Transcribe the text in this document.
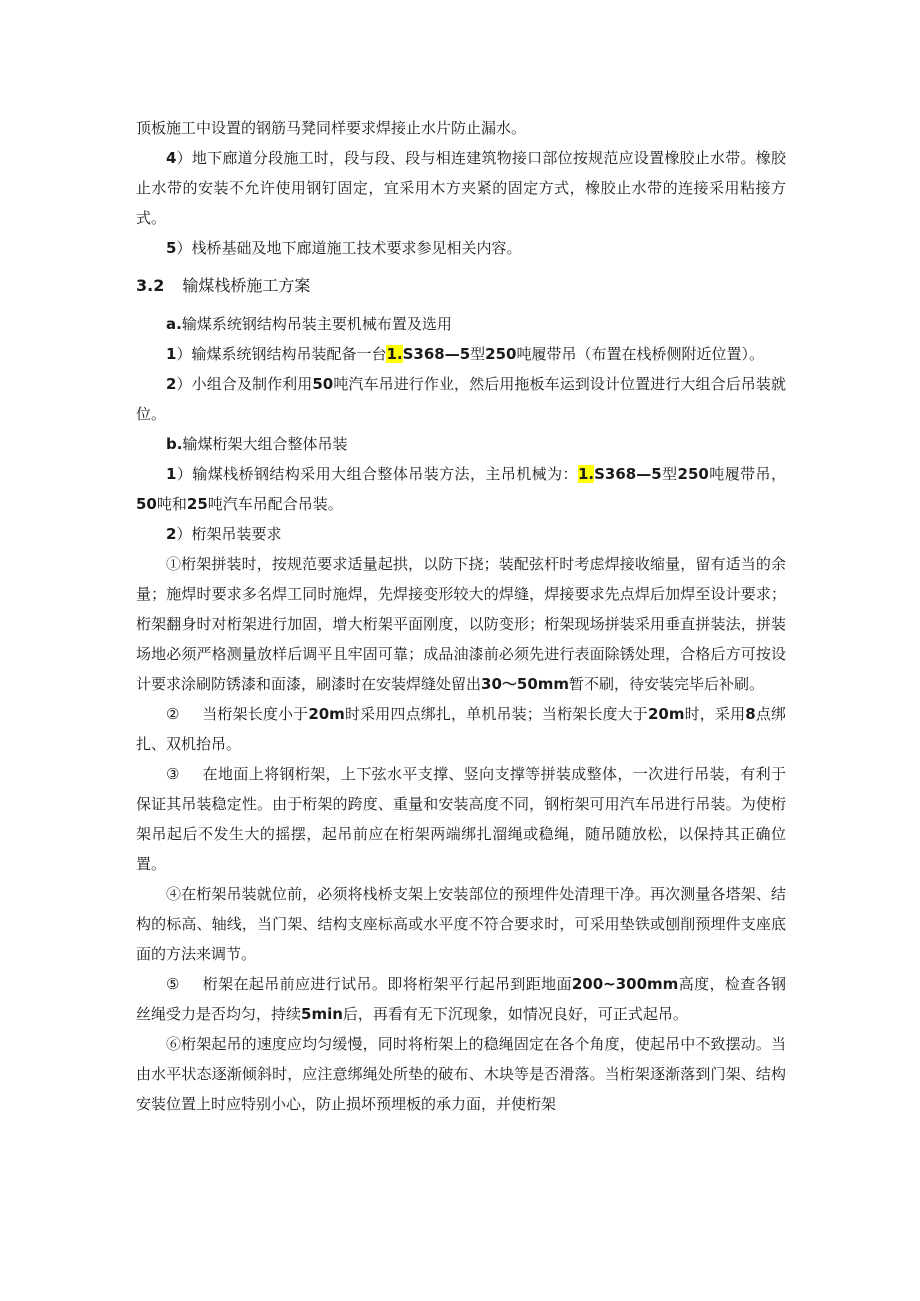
顶板施工中设置的钢筋马凳同样要求焊接止水片防止漏水。

4）地下廊道分段施工时，段与段、段与相连建筑物接口部位按规范应设置橡胶止水带。橡胶止水带的安装不允许使用钢钉固定，宜采用木方夹紧的固定方式，橡胶止水带的连接采用粘接方式。

5）栈桥基础及地下廊道施工技术要求参见相关内容。

3.2 输煤栈桥施工方案

a.输煤系统钢结构吊装主要机械布置及选用

1）输煤系统钢结构吊装配备一台1.S368—5型250吨履带吊（布置在栈桥侧附近位置）。

2）小组合及制作利用50吨汽车吊进行作业，然后用拖板车运到设计位置进行大组合后吊装就位。

b.输煤桁架大组合整体吊装

1）输煤栈桥钢结构采用大组合整体吊装方法，主吊机械为：1.S368—5型250吨履带吊，50吨和25吨汽车吊配合吊装。

2）桁架吊装要求

①桁架拼装时，按规范要求适量起拱，以防下挠；装配弦杆时考虑焊接收缩量，留有适当的余量；施焊时要求多名焊工同时施焊，先焊接变形较大的焊缝，焊接要求先点焊后加焊至设计要求；桁架翻身时对桁架进行加固，增大桁架平面刚度，以防变形；桁架现场拼装采用垂直拼装法，拼装场地必须严格测量放样后调平且牢固可靠；成品油漆前必须先进行表面除锈处理，合格后方可按设计要求涂刷防锈漆和面漆，刷漆时在安装焊缝处留出30～50mm暂不刷，待安装完毕后补刷。

② 当桁架长度小于20m时采用四点绑扎，单机吊装；当桁架长度大于20m时，采用8点绑扎、双机抬吊。

③ 在地面上将钢桁架，上下弦水平支撑、竖向支撑等拼装成整体，一次进行吊装，有利于保证其吊装稳定性。由于桁架的跨度、重量和安装高度不同，钢桁架可用汽车吊进行吊装。为使桁架吊起后不发生大的摇摆，起吊前应在桁架两端绑扎溜绳或稳绳，随吊随放松，以保持其正确位置。

④在桁架吊装就位前，必须将栈桥支架上安装部位的预埋件处清理干净。再次测量各塔架、结构的标高、轴线，当门架、结构支座标高或水平度不符合要求时，可采用垫铁或刨削预埋件支座底面的方法来调节。

⑤ 桁架在起吊前应进行试吊。即将桁架平行起吊到距地面200~300mm高度，检查各钢丝绳受力是否均匀，持续5min后，再看有无下沉现象，如情况良好，可正式起吊。

⑥桁架起吊的速度应均匀缓慢，同时将桁架上的稳绳固定在各个角度，使起吊中不致摆动。当由水平状态逐渐倾斜时，应注意绑绳处所垫的破布、木块等是否滑落。当桁架逐渐落到门架、结构安装位置上时应特别小心，防止损坏预埋板的承力面，并使桁架
